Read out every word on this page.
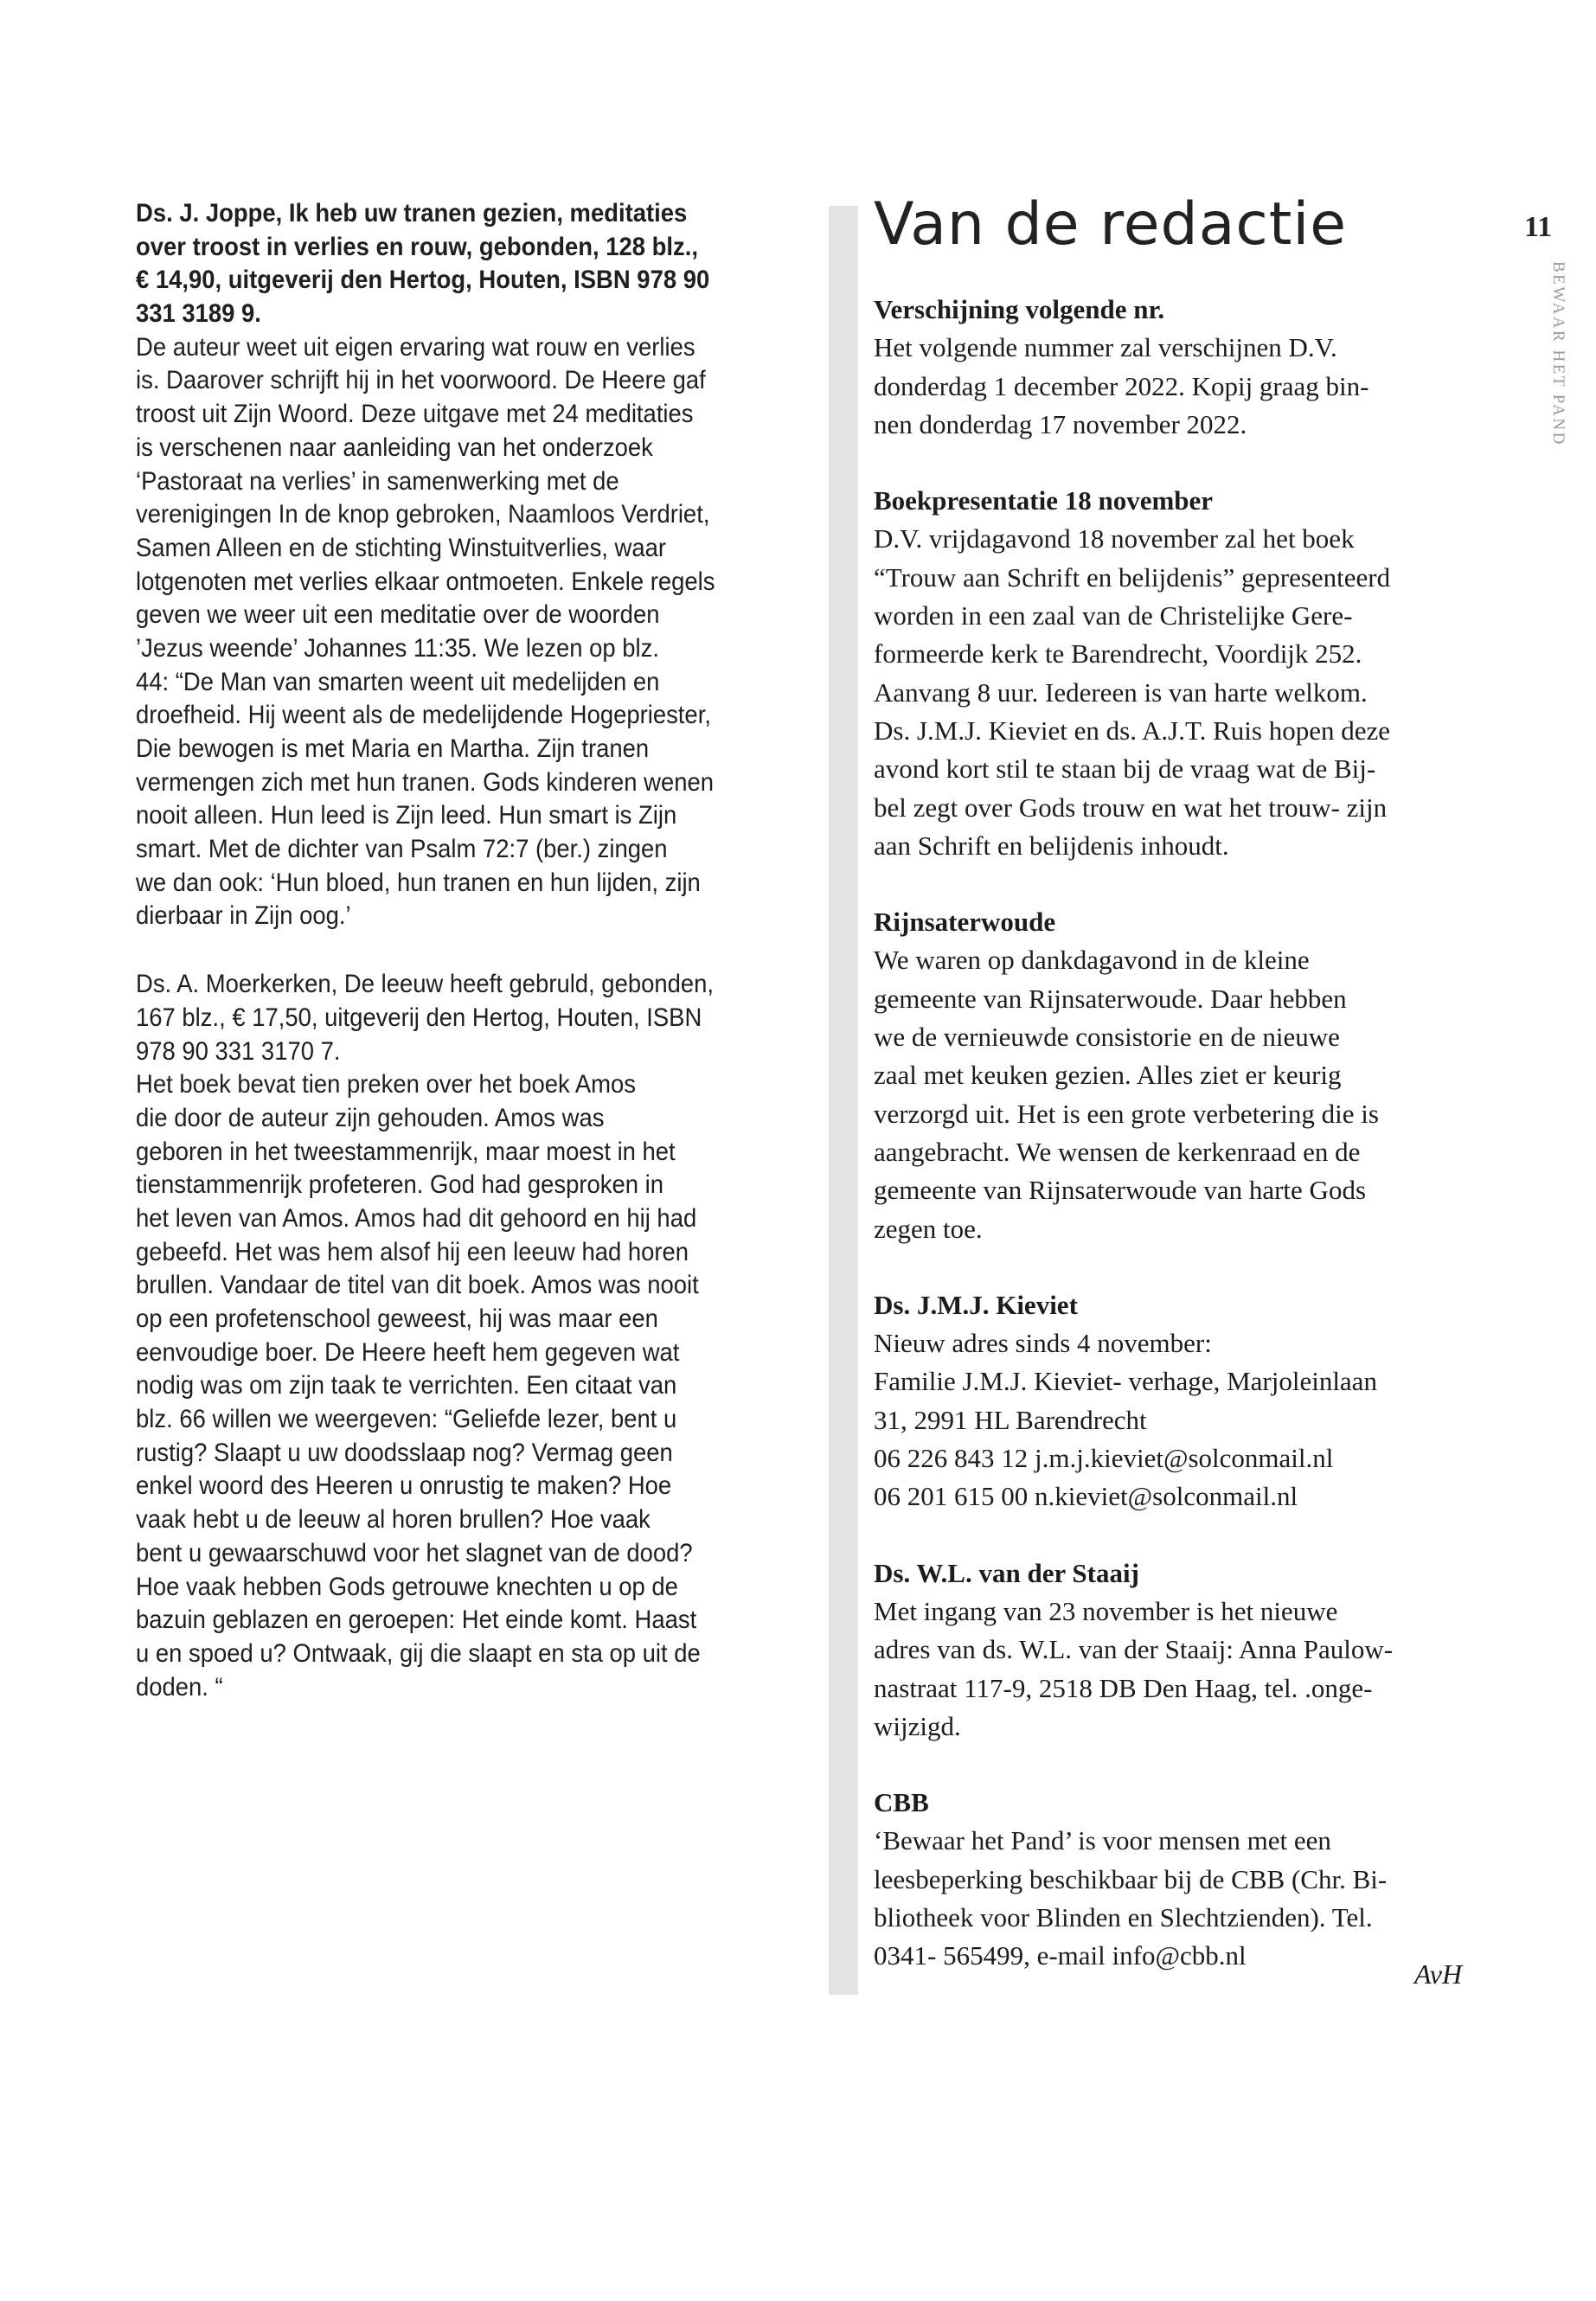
Ds. J. Joppe, Ik heb uw tranen gezien, meditaties
over troost in verlies en rouw, gebonden, 128 blz.,
€ 14,90, uitgeverij den Hertog, Houten, ISBN 978 90
331 3189 9.
De auteur weet uit eigen ervaring wat rouw en verlies
is. Daarover schrijft hij in het voorwoord. De Heere gaf
troost uit Zijn Woord. Deze uitgave met 24 meditaties
is verschenen naar aanleiding van het onderzoek
‘Pastoraat na verlies’ in samenwerking met de
verenigingen In de knop gebroken, Naamloos Verdriet,
Samen Alleen en de stichting Winstuitverlies, waar
lotgenoten met verlies elkaar ontmoeten. Enkele regels
geven we weer uit een meditatie over de woorden
’Jezus weende’ Johannes 11:35. We lezen op blz.
44: “De Man van smarten weent uit medelijden en
droefheid. Hij weent als de medelijdende Hogepriester,
Die bewogen is met Maria en Martha. Zijn tranen
vermengen zich met hun tranen. Gods kinderen wenen
nooit alleen. Hun leed is Zijn leed. Hun smart is Zijn
smart. Met de dichter van Psalm 72:7 (ber.) zingen
we dan ook: ‘Hun bloed, hun tranen en hun lijden, zijn
dierbaar in Zijn oog.’
Ds. A. Moerkerken, De leeuw heeft gebruld, gebonden,
167 blz., € 17,50, uitgeverij den Hertog, Houten, ISBN
978 90 331 3170 7.
Het boek bevat tien preken over het boek Amos
die door de auteur zijn gehouden. Amos was
geboren in het tweestammenrijk, maar moest in het
tienstammenrijk profeteren. God had gesproken in
het leven van Amos. Amos had dit gehoord en hij had
gebeefd. Het was hem alsof hij een leeuw had horen
brullen. Vandaar de titel van dit boek. Amos was nooit
op een profetenschool geweest, hij was maar een
eenvoudige boer. De Heere heeft hem gegeven wat
nodig was om zijn taak te verrichten. Een citaat van
blz. 66 willen we weergeven: “Geliefde lezer, bent u
rustig? Slaapt u uw doodsslaap nog? Vermag geen
enkel woord des Heeren u onrustig te maken? Hoe
vaak hebt u de leeuw al horen brullen? Hoe vaak
bent u gewaarschuwd voor het slagnet van de dood?
Hoe vaak hebben Gods getrouwe knechten u op de
bazuin geblazen en geroepen: Het einde komt. Haast
u en spoed u? Ontwaak, gij die slaapt en sta op uit de
doden. “
Van de redactie
Verschijning volgende nr.
Het volgende nummer zal verschijnen D.V.
donderdag 1 december 2022. Kopij graag bin-
nen donderdag 17 november 2022.
Boekpresentatie 18 november
D.V. vrijdagavond 18 november zal het boek
“Trouw aan Schrift en belijdenis” gepresenteerd
worden in een zaal van de Christelijke Gere-
formeerde kerk te Barendrecht, Voordijk 252.
Aanvang 8 uur. Iedereen is van harte welkom.
Ds. J.M.J. Kieviet en ds. A.J.T. Ruis hopen deze
avond kort stil te staan bij de vraag wat de Bij-
bel zegt over Gods trouw en wat het trouw- zijn
aan Schrift en belijdenis inhoudt.
Rijnsaterwoude
We waren op dankdagavond in de kleine
gemeente van Rijnsaterwoude. Daar hebben
we de vernieuwde consistorie en de nieuwe
zaal met keuken gezien. Alles ziet er keurig
verzorgd uit. Het is een grote verbetering die is
aangebracht. We wensen de kerkenraad en de
gemeente van Rijnsaterwoude van harte Gods
zegen toe.
Ds. J.M.J. Kieviet
Nieuw adres sinds 4 november:
Familie J.M.J. Kieviet- verhage, Marjoleinlaan
31, 2991 HL Barendrecht
06 226 843 12 j.m.j.kieviet@solconmail.nl
06 201 615 00 n.kieviet@solconmail.nl
Ds. W.L. van der Staaij
Met ingang van 23 november is het nieuwe
adres van ds. W.L. van der Staaij: Anna Paulow-
nastraat 117-9, 2518 DB Den Haag, tel. .onge-
wijzigd.
CBB
‘Bewaar het Pand’ is voor mensen met een
leesbeperking beschikbaar bij de CBB (Chr. Bi-
bliotheek voor Blinden en Slechtzienden). Tel.
0341- 565499, e-mail info@cbb.nl
AvH
11
BEWAAR HET PAND
